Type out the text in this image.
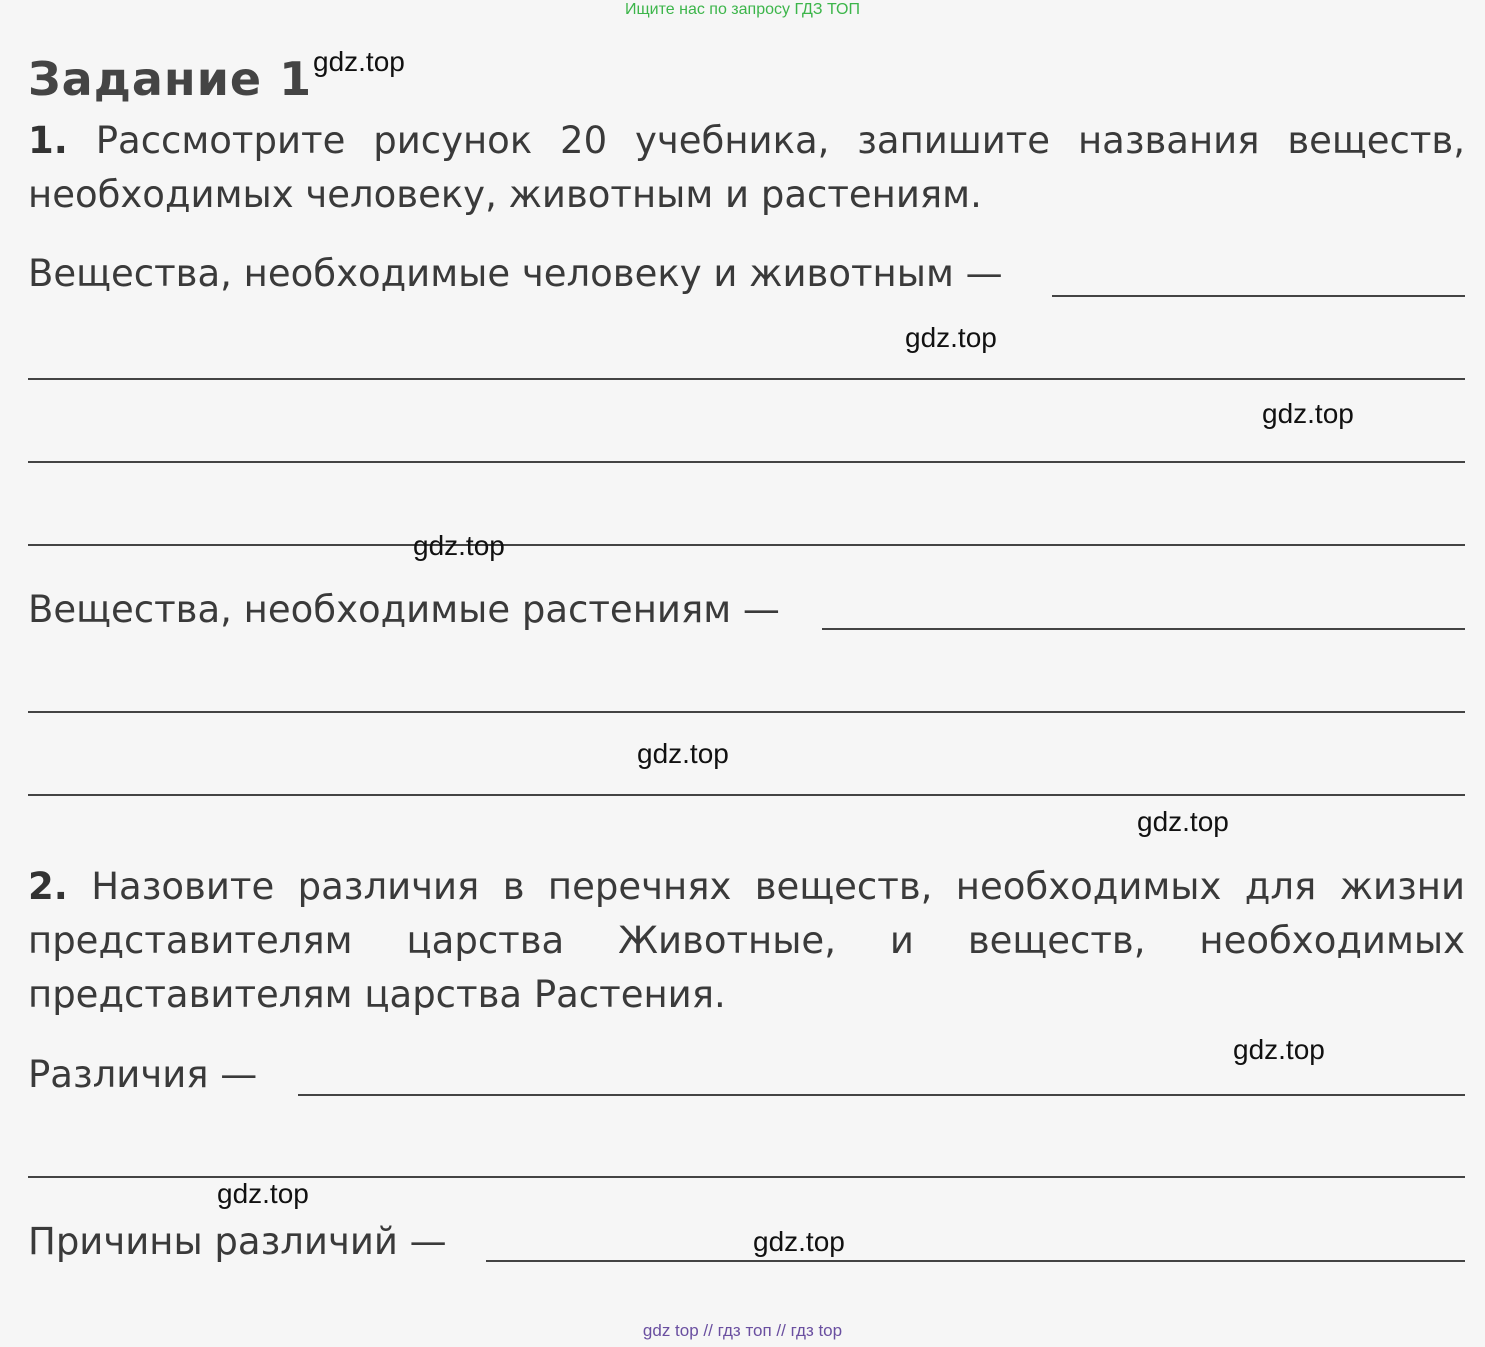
Ищите нас по запросу ГДЗ ТОП
Задание 1
1. Рассмотрите рисунок 20 учебника, запишите названия веществ, необходимых человеку, животным и растениям.
Вещества, необходимые человеку и животным —
Вещества, необходимые растениям —
2. Назовите различия в перечнях веществ, необходимых для жизни представителям царства Животные, и веществ, необходимых представителям царства Растения.
Различия —
Причины различий —
gdz.top
gdz.top
gdz.top
gdz.top
gdz.top
gdz.top
gdz.top
gdz.top
gdz.top
gdz top // гдз топ // гдз top
